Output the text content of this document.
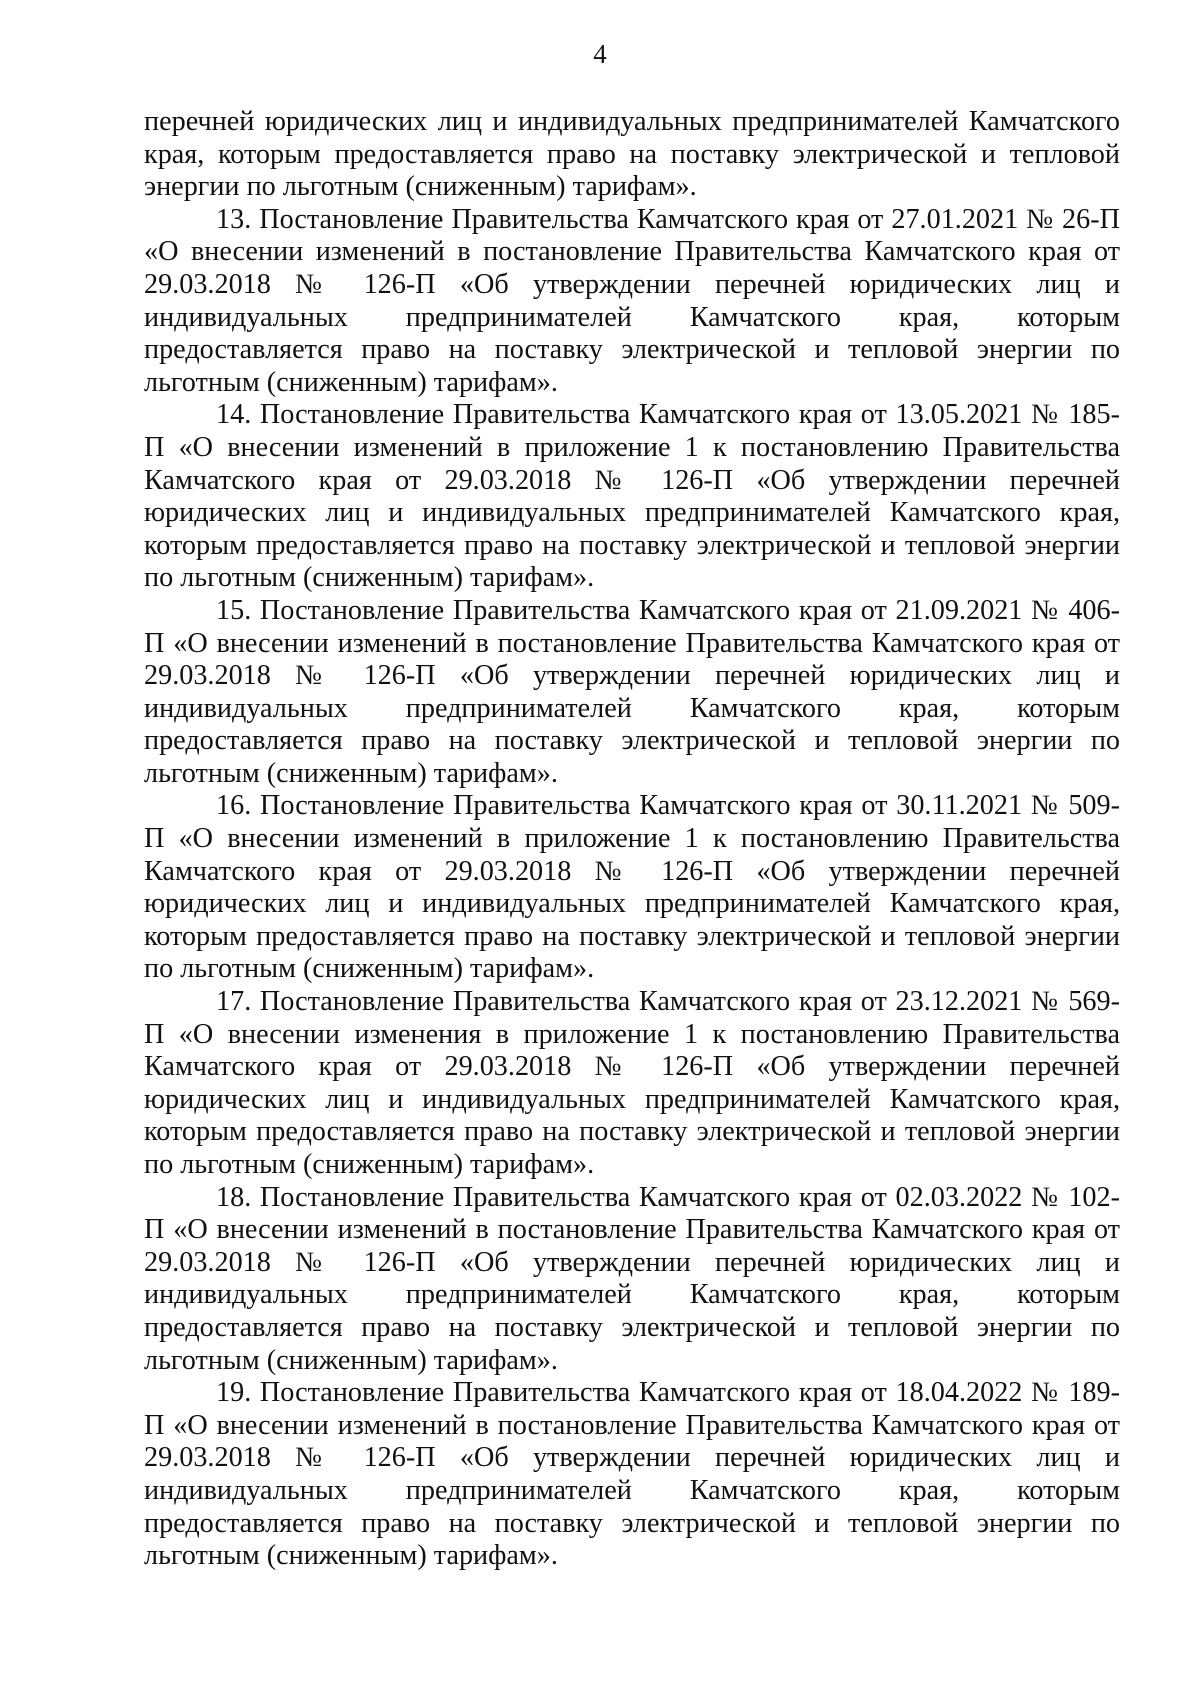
4

перечней юридических лиц и индивидуальных предпринимателей Камчатского края, которым предоставляется право на поставку электрической и тепловой энергии по льготным (сниженным) тарифам».

13. Постановление Правительства Камчатского края от 27.01.2021 № 26-П «О внесении изменений в постановление Правительства Камчатского края от 29.03.2018 № 126-П «Об утверждении перечней юридических лиц и индивидуальных предпринимателей Камчатского края, которым предоставляется право на поставку электрической и тепловой энергии по льготным (сниженным) тарифам».

14. Постановление Правительства Камчатского края от 13.05.2021 № 185-П «О внесении изменений в приложение 1 к постановлению Правительства Камчатского края от 29.03.2018 № 126-П «Об утверждении перечней юридических лиц и индивидуальных предпринимателей Камчатского края, которым предоставляется право на поставку электрической и тепловой энергии по льготным (сниженным) тарифам».

15. Постановление Правительства Камчатского края от 21.09.2021 № 406-П «О внесении изменений в постановление Правительства Камчатского края от 29.03.2018 № 126-П «Об утверждении перечней юридических лиц и индивидуальных предпринимателей Камчатского края, которым предоставляется право на поставку электрической и тепловой энергии по льготным (сниженным) тарифам».

16. Постановление Правительства Камчатского края от 30.11.2021 № 509-П «О внесении изменений в приложение 1 к постановлению Правительства Камчатского края от 29.03.2018 № 126-П «Об утверждении перечней юридических лиц и индивидуальных предпринимателей Камчатского края, которым предоставляется право на поставку электрической и тепловой энергии по льготным (сниженным) тарифам».

17. Постановление Правительства Камчатского края от 23.12.2021 № 569-П «О внесении изменения в приложение 1 к постановлению Правительства Камчатского края от 29.03.2018 № 126-П «Об утверждении перечней юридических лиц и индивидуальных предпринимателей Камчатского края, которым предоставляется право на поставку электрической и тепловой энергии по льготным (сниженным) тарифам».

18. Постановление Правительства Камчатского края от 02.03.2022 № 102-П «О внесении изменений в постановление Правительства Камчатского края от 29.03.2018 № 126-П «Об утверждении перечней юридических лиц и индивидуальных предпринимателей Камчатского края, которым предоставляется право на поставку электрической и тепловой энергии по льготным (сниженным) тарифам».

19. Постановление Правительства Камчатского края от 18.04.2022 № 189-П «О внесении изменений в постановление Правительства Камчатского края от 29.03.2018 № 126-П «Об утверждении перечней юридических лиц и индивидуальных предпринимателей Камчатского края, которым предоставляется право на поставку электрической и тепловой энергии по льготным (сниженным) тарифам».
